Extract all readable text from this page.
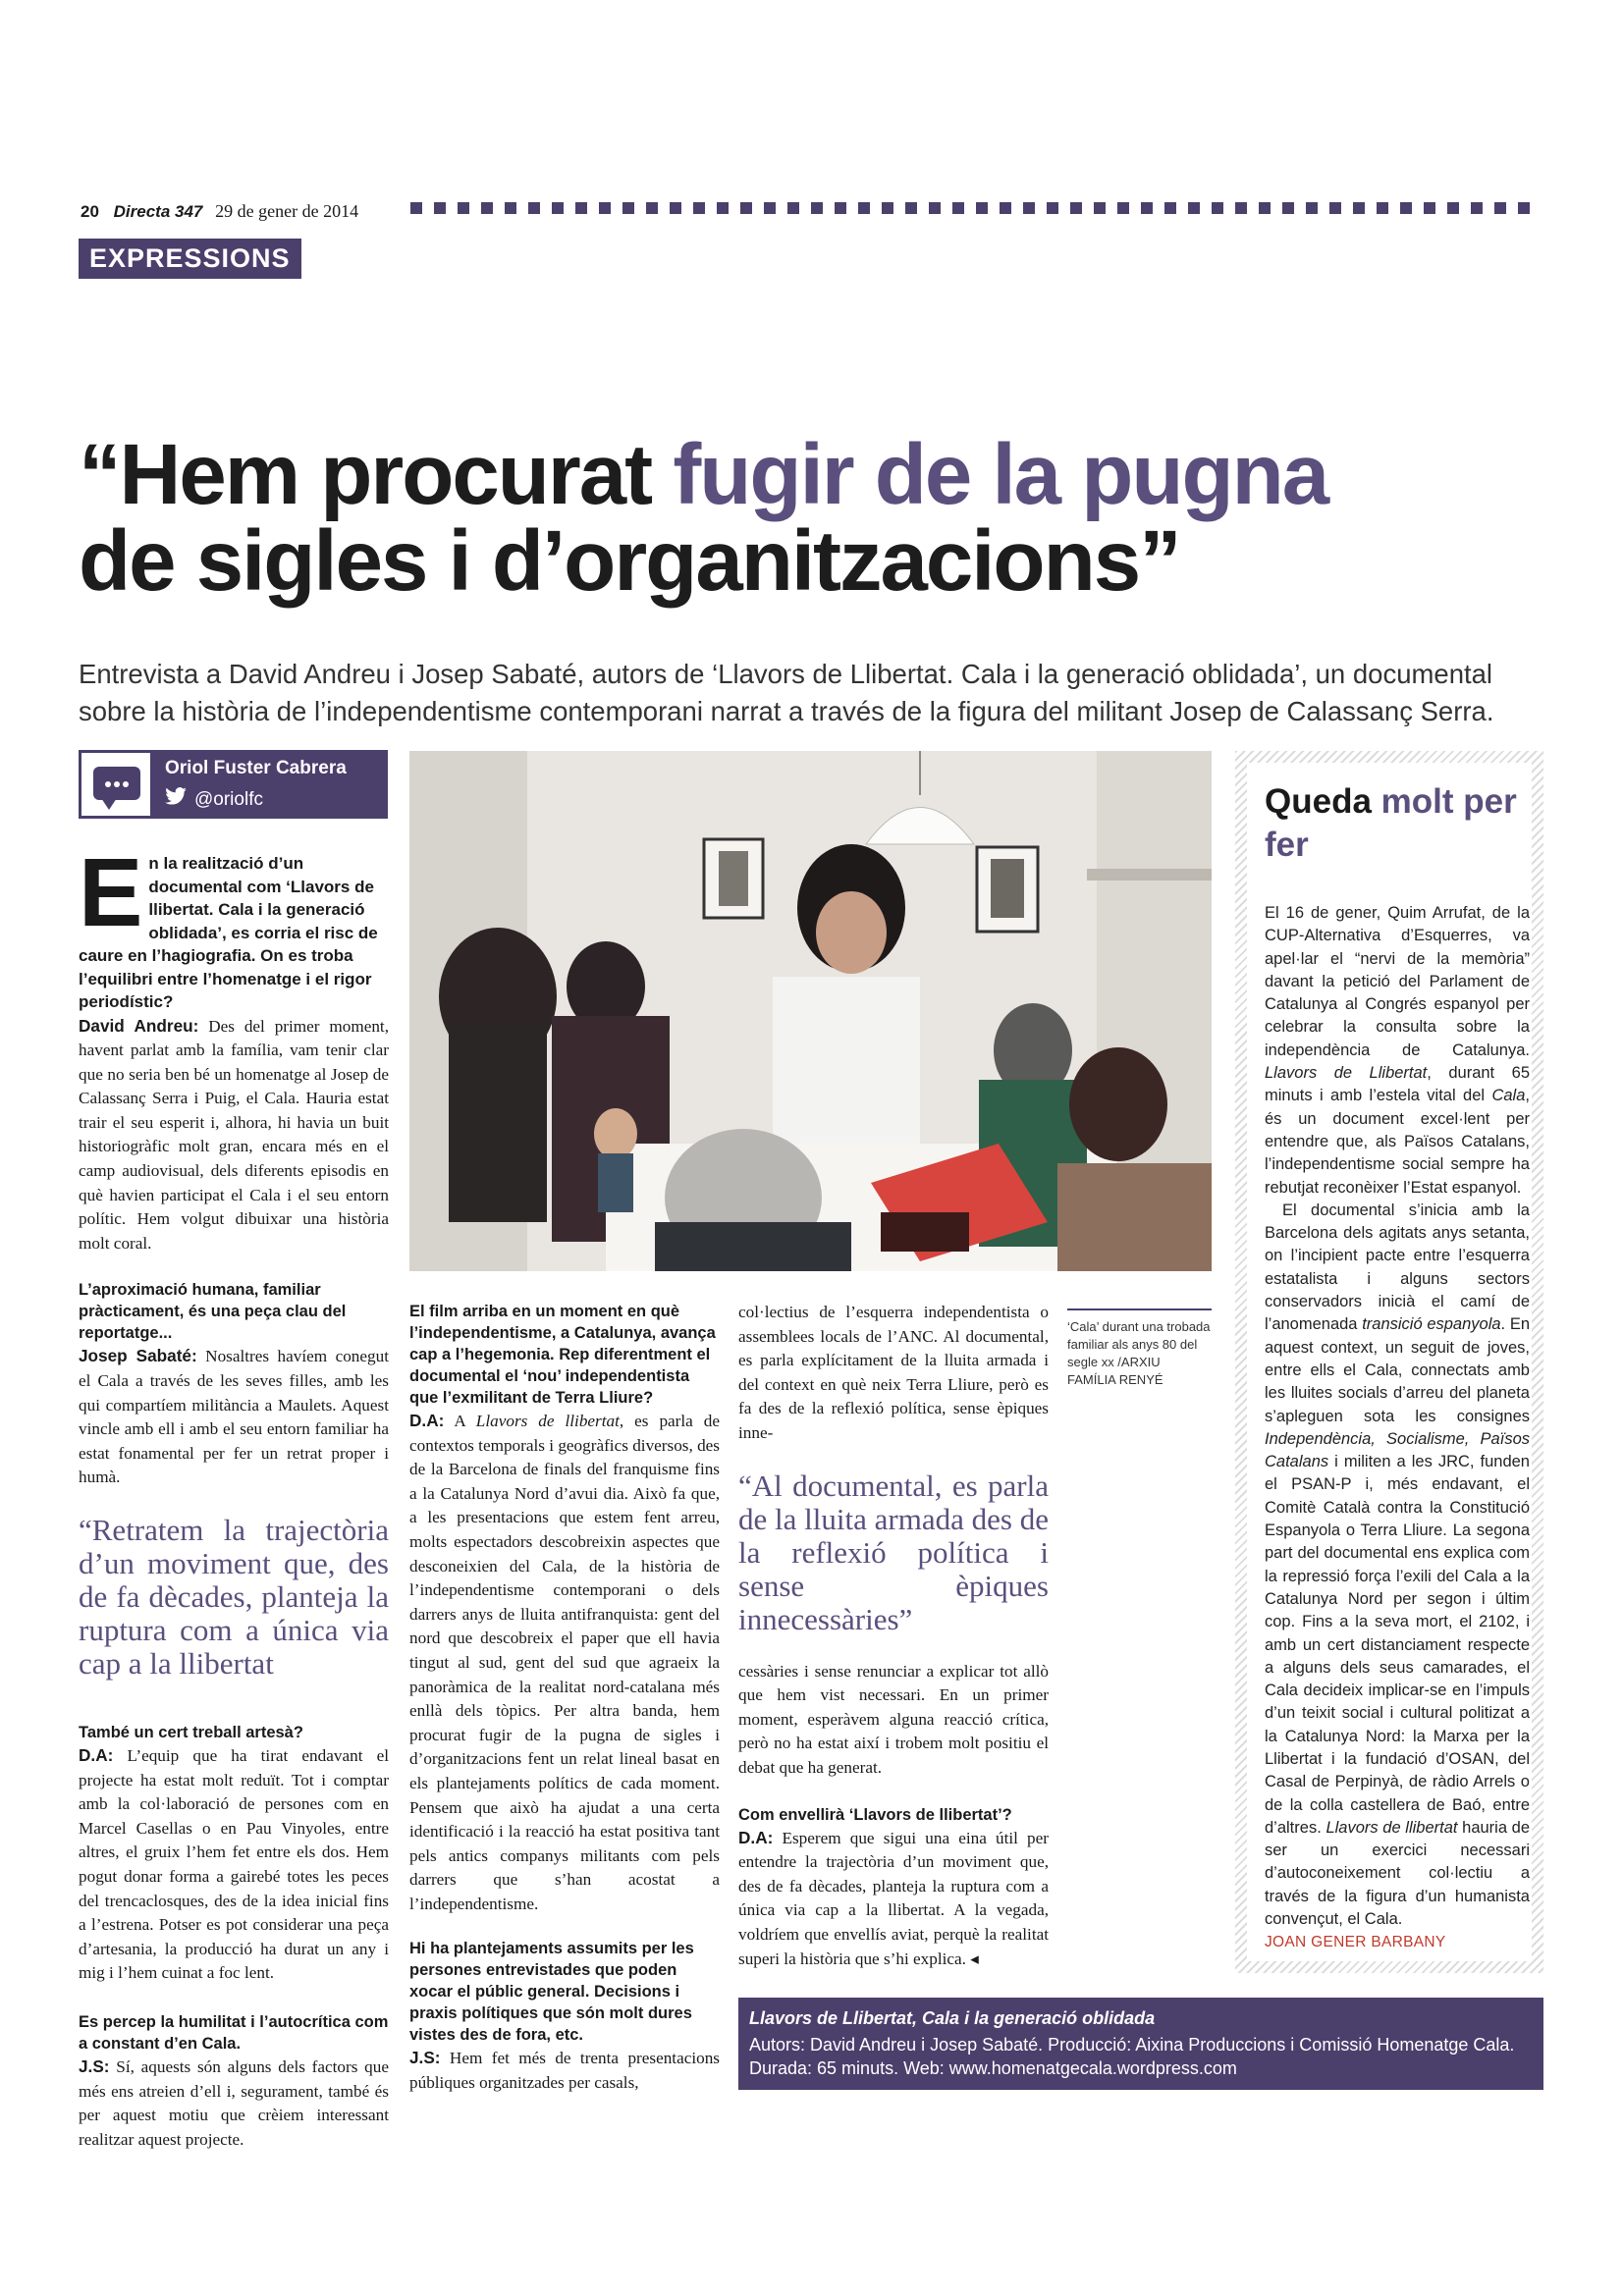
20 Directa 347 29 de gener de 2014
EXPRESSIONS
“Hem procurat fugir de la pugna
de sigles i d’organitzacions”
Entrevista a David Andreu i Josep Sabaté, autors de ‘Llavors de Llibertat. Cala i la generació oblidada’, un documental sobre la història de l’independentisme contemporani narrat a través de la figura del militant Josep de Calassanç Serra.
Oriol Fuster Cabrera
@oriolfc

En la realització d’un documental com ‘Llavors de llibertat. Cala i la generació oblidada’, es corria el risc de caure en l’hagiografia. On es troba l’equilibri entre l’homenatge i el rigor periodístic?

David Andreu: Des del primer moment, havent parlat amb la família, vam tenir clar que no seria ben bé un homenatge al Josep de Calassanç Serra i Puig, el Cala. Hauria estat trair el seu esperit i, alhora, hi havia un buit historiogràfic molt gran, encara més en el camp audiovisual, dels diferents episodis en què havien participat el Cala i el seu entorn polític. Hem volgut dibuixar una història molt coral.

L’aproximació humana, familiar pràcticament, és una peça clau del reportatge...

Josep Sabaté: Nosaltres havíem conegut el Cala a través de les seves filles, amb les qui compartíem militància a Maulets. Aquest vincle amb ell i amb el seu entorn familiar ha estat fonamental per fer un retrat proper i humà.

“Retratem la trajectòria d’un moviment que, des de fa dècades, planteja la ruptura com a única via cap a la llibertat

També un cert treball artesà?

D.A: L’equip que ha tirat endavant el projecte ha estat molt reduït. Tot i comptar amb la col·laboració de persones com en Marcel Casellas o en Pau Vinyoles, entre altres, el gruix l’hem fet entre els dos. Hem pogut donar forma a gairebé totes les peces del trencaclosques, des de la idea inicial fins a l’estrena. Potser es pot considerar una peça d’artesania, la producció ha durat un any i mig i l’hem cuinat a foc lent.

Es percep la humilitat i l’autocrítica com a constant d’en Cala.

J.S: Sí, aquests són alguns dels factors que més ens atreien d’ell i, segurament, també és per aquest motiu que crèiem interessant realitzar aquest projecte.

‘Cala’ durant una trobada familiar als anys 80 del segle xx /ARXIU FAMÍLIA RENYÉ

El film arriba en un moment en què l’independentisme, a Catalunya, avança cap a l’hegemonia. Rep diferentment el documental el ‘nou’ independentista que l’exmilitant de Terra Lliure?

D.A: A Llavors de llibertat, es parla de contextos temporals i geogràfics diversos, des de la Barcelona de finals del franquisme fins a la Catalunya Nord d’avui dia. Això fa que, a les presentacions que estem fent arreu, molts espectadors descobreixin aspectes que desconeixien del Cala, de la història de l’independentisme contemporani o dels darrers anys de lluita antifranquista: gent del nord que descobreix el paper que ell havia tingut al sud, gent del sud que agraeix la panoràmica de la realitat nord-catalana més enllà dels tòpics. Per altra banda, hem procurat fugir de la pugna de sigles i d’organitzacions fent un relat lineal basat en els plantejaments polítics de cada moment. Pensem que això ha ajudat a una certa identificació i la reacció ha estat positiva tant pels antics companys militants com pels darrers que s’han acostat a l’independentisme.

Hi ha plantejaments assumits per les persones entrevistades que poden xocar el públic general. Decisions i praxis polítiques que són molt dures vistes des de fora, etc.

J.S: Hem fet més de trenta presentacions públiques organitzades per casals,

col·lectius de l’esquerra independentista o assemblees locals de l’ANC. Al documental, es parla explícitament de la lluita armada i del context en què neix Terra Lliure, però es fa des de la reflexió política, sense èpiques inne-

“Al documental, es parla de la lluita armada des de la reflexió política i sense èpiques innecessàries”

cessàries i sense renunciar a explicar tot allò que hem vist necessari. En un primer moment, esperàvem alguna reacció crítica, però no ha estat així i trobem molt positiu el debat que ha generat.

Com envellirà ‘Llavors de llibertat’?

D.A: Esperem que sigui una eina útil per entendre la trajectòria d’un moviment que, des de fa dècades, planteja la ruptura com a única via cap a la llibertat. A la vegada, voldríem que envellís aviat, perquè la realitat superi la història que s’hi explica. ◂

Queda molt per fer

El 16 de gener, Quim Arrufat, de la CUP-Alternativa d’Esquerres, va apel·lar el “nervi de la memòria” davant la petició del Parlament de Catalunya al Congrés espanyol per celebrar la consulta sobre la independència de Catalunya. Llavors de Llibertat, durant 65 minuts i amb l’estela vital del Cala, és un document excel·lent per entendre que, als Països Catalans, l’independentisme social sempre ha rebutjat reconèixer l’Estat espanyol.

El documental s’inicia amb la Barcelona dels agitats anys setanta, on l’incipient pacte entre l’esquerra estatalista i alguns sectors conservadors inicià el camí de l’anomenada transició espanyola. En aquest context, un seguit de joves, entre ells el Cala, connectats amb les lluites socials d’arreu del planeta s’apleguen sota les consignes Independència, Socialisme, Països Catalans i militen a les JRC, funden el PSAN-P i, més endavant, el Comitè Català contra la Constitució Espanyola o Terra Lliure. La segona part del documental ens explica com la repressió força l’exili del Cala a la Catalunya Nord per segon i últim cop. Fins a la seva mort, el 2102, i amb un cert distanciament respecte a alguns dels seus camarades, el Cala decideix implicar-se en l’impuls d’un teixit social i cultural politizat a la Catalunya Nord: la Marxa per la Llibertat i la fundació d’OSAN, del Casal de Perpinyà, de ràdio Arrels o de la colla castellera de Baó, entre d’altres. Llavors de llibertat hauria de ser un exercici necessari d’autoconeixement col·lectiu a través de la figura d’un humanista convençut, el Cala.

JOAN GENER BARBANY

Llavors de Llibertat, Cala i la generació oblidada
Autors: David Andreu i Josep Sabaté. Producció: Aixina Produccions i Comissió Homenatge Cala. Durada: 65 minuts. Web: www.homenatgecala.wordpress.com
